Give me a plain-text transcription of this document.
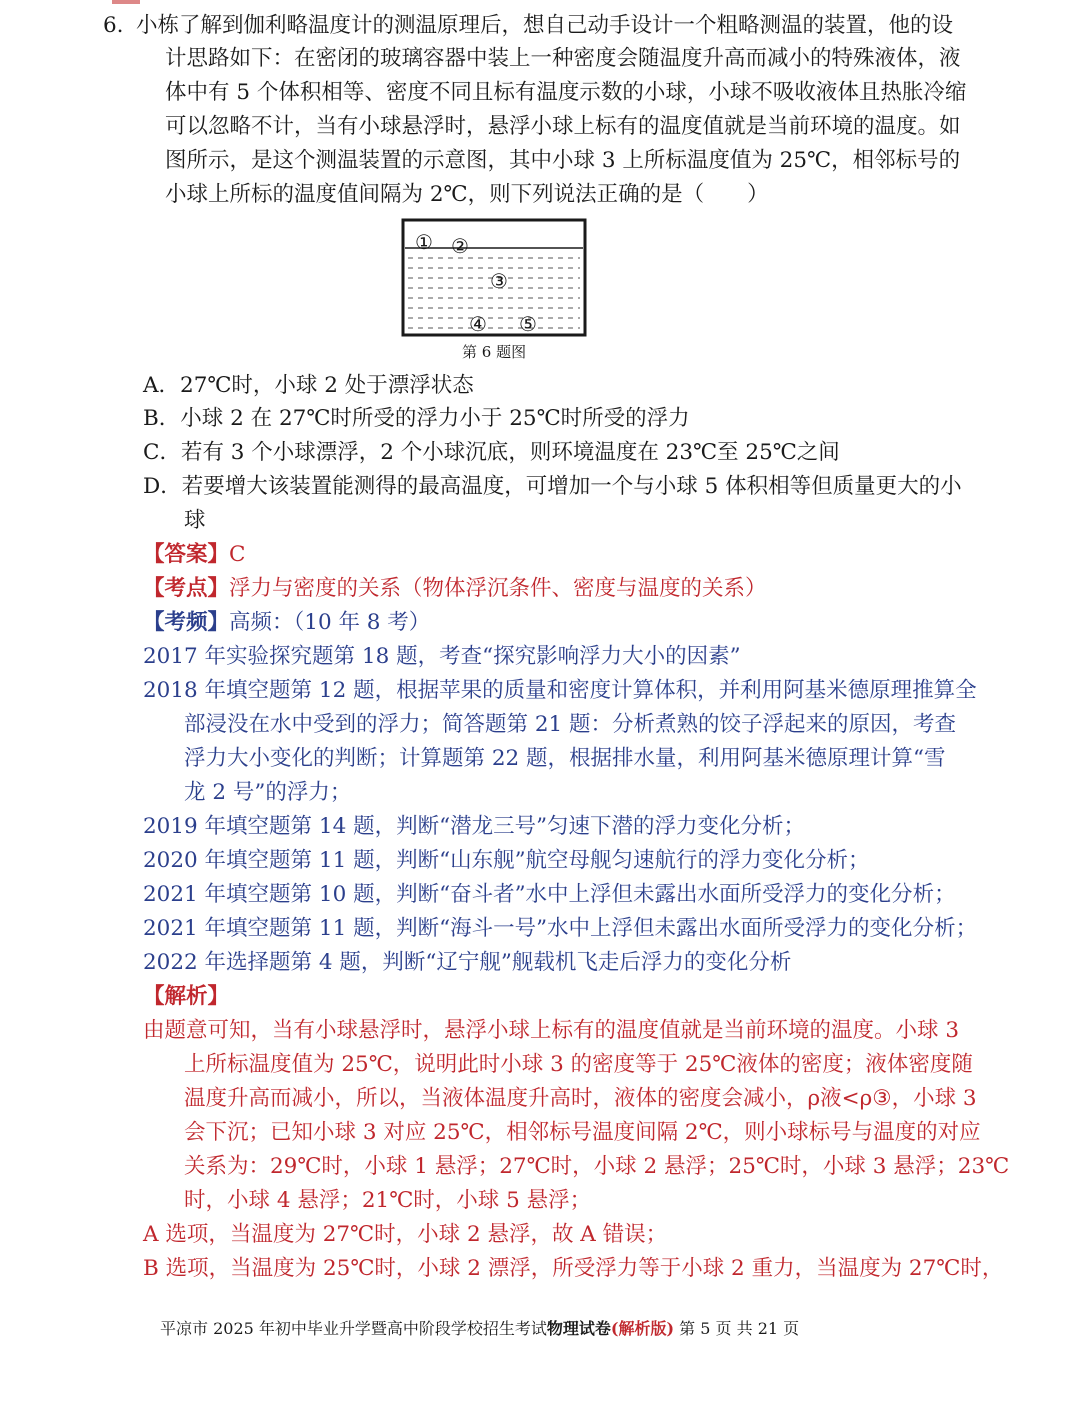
6. 小栋了解到伽利略温度计的测温原理后，想自己动手设计一个粗略测温的装置，他的设
计思路如下：在密闭的玻璃容器中装上一种密度会随温度升高而减小的特殊液体，液
体中有 5 个体积相等、密度不同且标有温度示数的小球，小球不吸收液体且热胀冷缩
可以忽略不计，当有小球悬浮时，悬浮小球上标有的温度值就是当前环境的温度。如
图所示，是这个测温装置的示意图，其中小球 3 上所标温度值为 25℃，相邻标号的
小球上所标的温度值间隔为 2℃，则下列说法正确的是（　　）
① ②
③
④ ⑤
第 6 题图
A．27℃时，小球 2 处于漂浮状态
B．小球 2 在 27℃时所受的浮力小于 25℃时所受的浮力
C．若有 3 个小球漂浮，2 个小球沉底，则环境温度在 23℃至 25℃之间
D．若要增大该装置能测得的最高温度，可增加一个与小球 5 体积相等但质量更大的小
球
【答案】C
【考点】浮力与密度的关系（物体浮沉条件、密度与温度的关系）
【考频】高频：（10 年 8 考）
2017 年实验探究题第 18 题，考查“探究影响浮力大小的因素”
2018 年填空题第 12 题，根据苹果的质量和密度计算体积，并利用阿基米德原理推算全
部浸没在水中受到的浮力；简答题第 21 题：分析煮熟的饺子浮起来的原因，考查
浮力大小变化的判断；计算题第 22 题，根据排水量，利用阿基米德原理计算“雪
龙 2 号”的浮力；
2019 年填空题第 14 题，判断“潜龙三号”匀速下潜的浮力变化分析；
2020 年填空题第 11 题，判断“山东舰”航空母舰匀速航行的浮力变化分析；
2021 年填空题第 10 题，判断“奋斗者”水中上浮但未露出水面所受浮力的变化分析；
2021 年填空题第 11 题，判断“海斗一号”水中上浮但未露出水面所受浮力的变化分析；
2022 年选择题第 4 题，判断“辽宁舰”舰载机飞走后浮力的变化分析
【解析】
由题意可知，当有小球悬浮时，悬浮小球上标有的温度值就是当前环境的温度。小球 3
上所标温度值为 25℃，说明此时小球 3 的密度等于 25℃液体的密度；液体密度随
温度升高而减小，所以，当液体温度升高时，液体的密度会减小，ρ液<ρ③，小球 3
会下沉；已知小球 3 对应 25℃，相邻标号温度间隔 2℃，则小球标号与温度的对应
关系为：29℃时，小球 1 悬浮；27℃时，小球 2 悬浮；25℃时，小球 3 悬浮；23℃
时，小球 4 悬浮；21℃时，小球 5 悬浮；
A 选项，当温度为 27℃时，小球 2 悬浮，故 A 错误；
B 选项，当温度为 25℃时，小球 2 漂浮，所受浮力等于小球 2 重力，当温度为 27℃时，
平凉市 2025 年初中毕业升学暨高中阶段学校招生考试物理试卷(解析版) 第 5 页 共 21 页
